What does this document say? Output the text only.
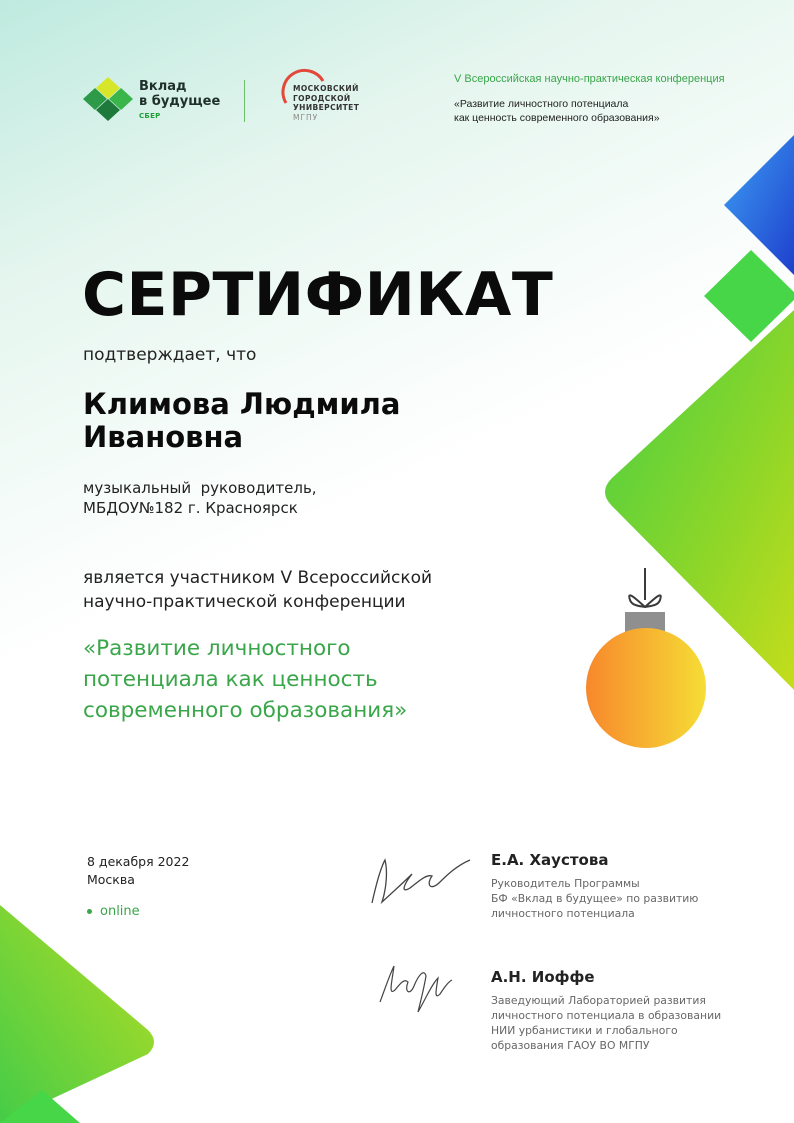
Вклад
в будущее
СБЕР
МОСКОВСКИЙ
ГОРОДСКОЙ
УНИВЕРСИТЕТ
МГПУ
V Всероссийская научно-практическая конференция
«Развитие личностного потенциала
как ценность современного образования»
СЕРТИФИКАТ
подтверждает, что
Климова Людмила
Ивановна
музыкальный  руководитель,
МБДОУ№182 г. Красноярск
является участником V Всероссийской
научно-практической конференции
«Развитие личностного
потенциала как ценность
современного образования»
8 декабря 2022
Москва
online
Е.А. Хаустова
Руководитель Программы
БФ «Вклад в будущее» по развитию
личностного потенциала
А.Н. Иоффе
Заведующий Лабораторией развития
личностного потенциала в образовании
НИИ урбанистики и глобального
образования ГАОУ ВО МГПУ
